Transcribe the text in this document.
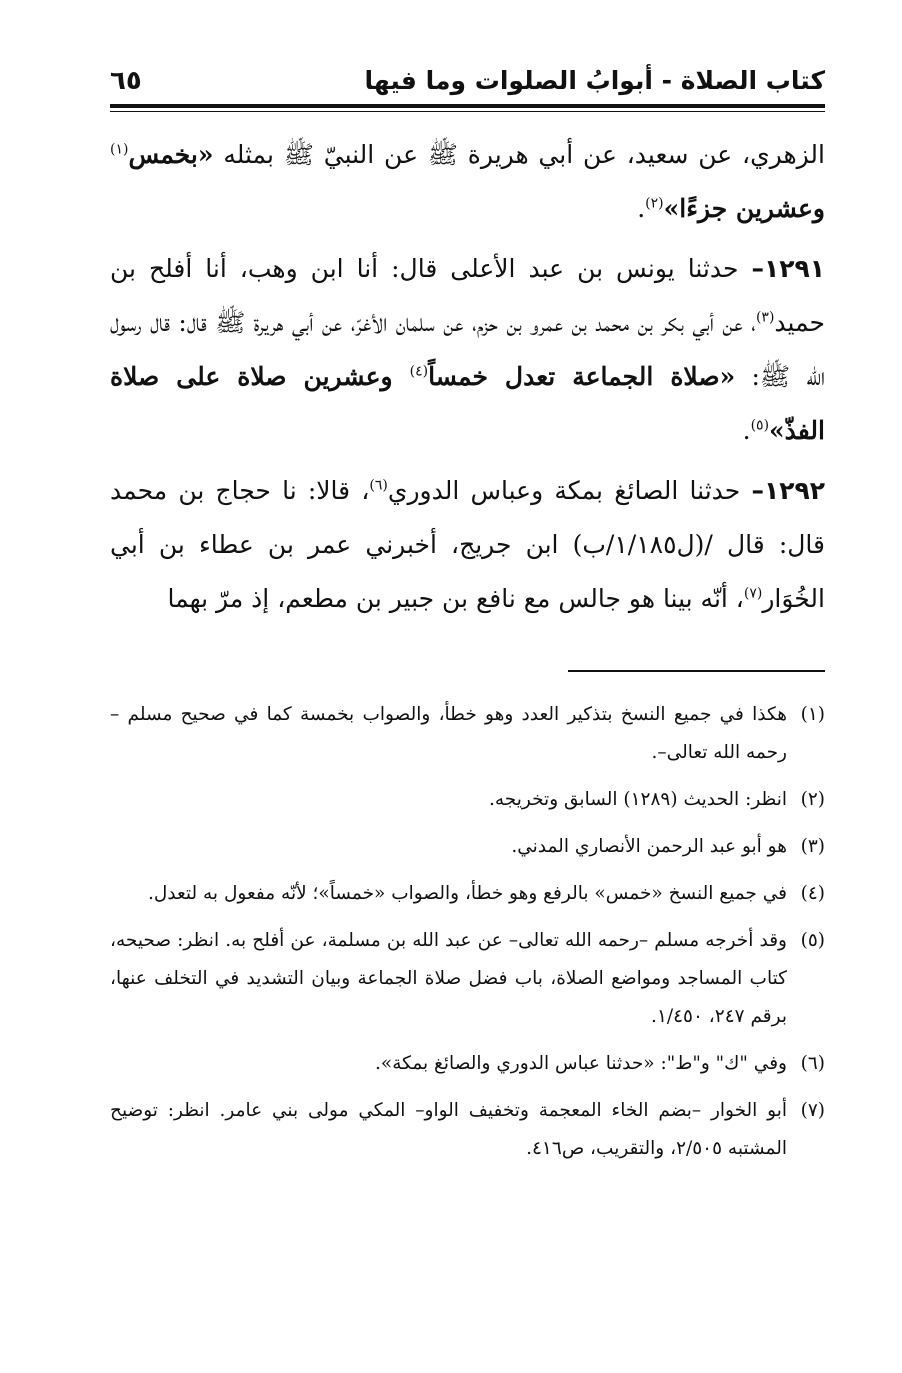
كتاب الصلاة - أبوابُ الصلوات وما فيها
٦٥

الزهري، عن سعيد، عن أبي هريرة ﷺ عن النبيّ ﷺ بمثله «بخمس$^{(١)}$ وعشرين جزءًا»$^{(٢)}$.

١٢٩١– حدثنا يونس بن عبد الأعلى قال: أنا ابن وهب، أنا أفلح بن حميد$^{(٣)}$، عن أبي بكر بن محمد بن عمرو بن حزم، عن سلمان الأغرّ، عن أبي هريرة ﷺ قال: قال رسول الله ﷺ: «صلاة الجماعة تعدل خمساً$^{(٤)}$ وعشرين صلاة على صلاة الفذّ»$^{(٥)}$.

١٢٩٢– حدثنا الصائغ بمكة وعباس الدوري$^{(٦)}$، قالا: نا حجاج بن محمد قال: قال /(ل١/١٨٥/ب) ابن جريج، أخبرني عمر بن عطاء بن أبي الخُوَار$^{(٧)}$، أنّه بينا هو جالس مع نافع بن جبير بن مطعم، إذ مرّ بهما

(١)
هكذا في جميع النسخ بتذكير العدد وهو خطأ، والصواب بخمسة كما في صحيح مسلم –رحمه الله تعالى–.
(٢)
انظر: الحديث (١٢٨٩) السابق وتخريجه.
(٣)
هو أبو عبد الرحمن الأنصاري المدني.
(٤)
في جميع النسخ «خمس» بالرفع وهو خطأ، والصواب «خمساً»؛ لأنّه مفعول به لتعدل.
(٥)
وقد أخرجه مسلم –رحمه الله تعالى– عن عبد الله بن مسلمة، عن أفلح به. انظر: صحيحه، كتاب المساجد ومواضع الصلاة، باب فضل صلاة الجماعة وبيان التشديد في التخلف عنها، برقم ٢٤٧، ١/٤٥٠.
(٦)
وفي "ك" و"ط": «حدثنا عباس الدوري والصائغ بمكة».
(٧)
أبو الخوار –بضم الخاء المعجمة وتخفيف الواو– المكي مولى بني عامر. انظر: توضيح المشتبه ٢/٥٠٥، والتقريب، ص٤١٦.
